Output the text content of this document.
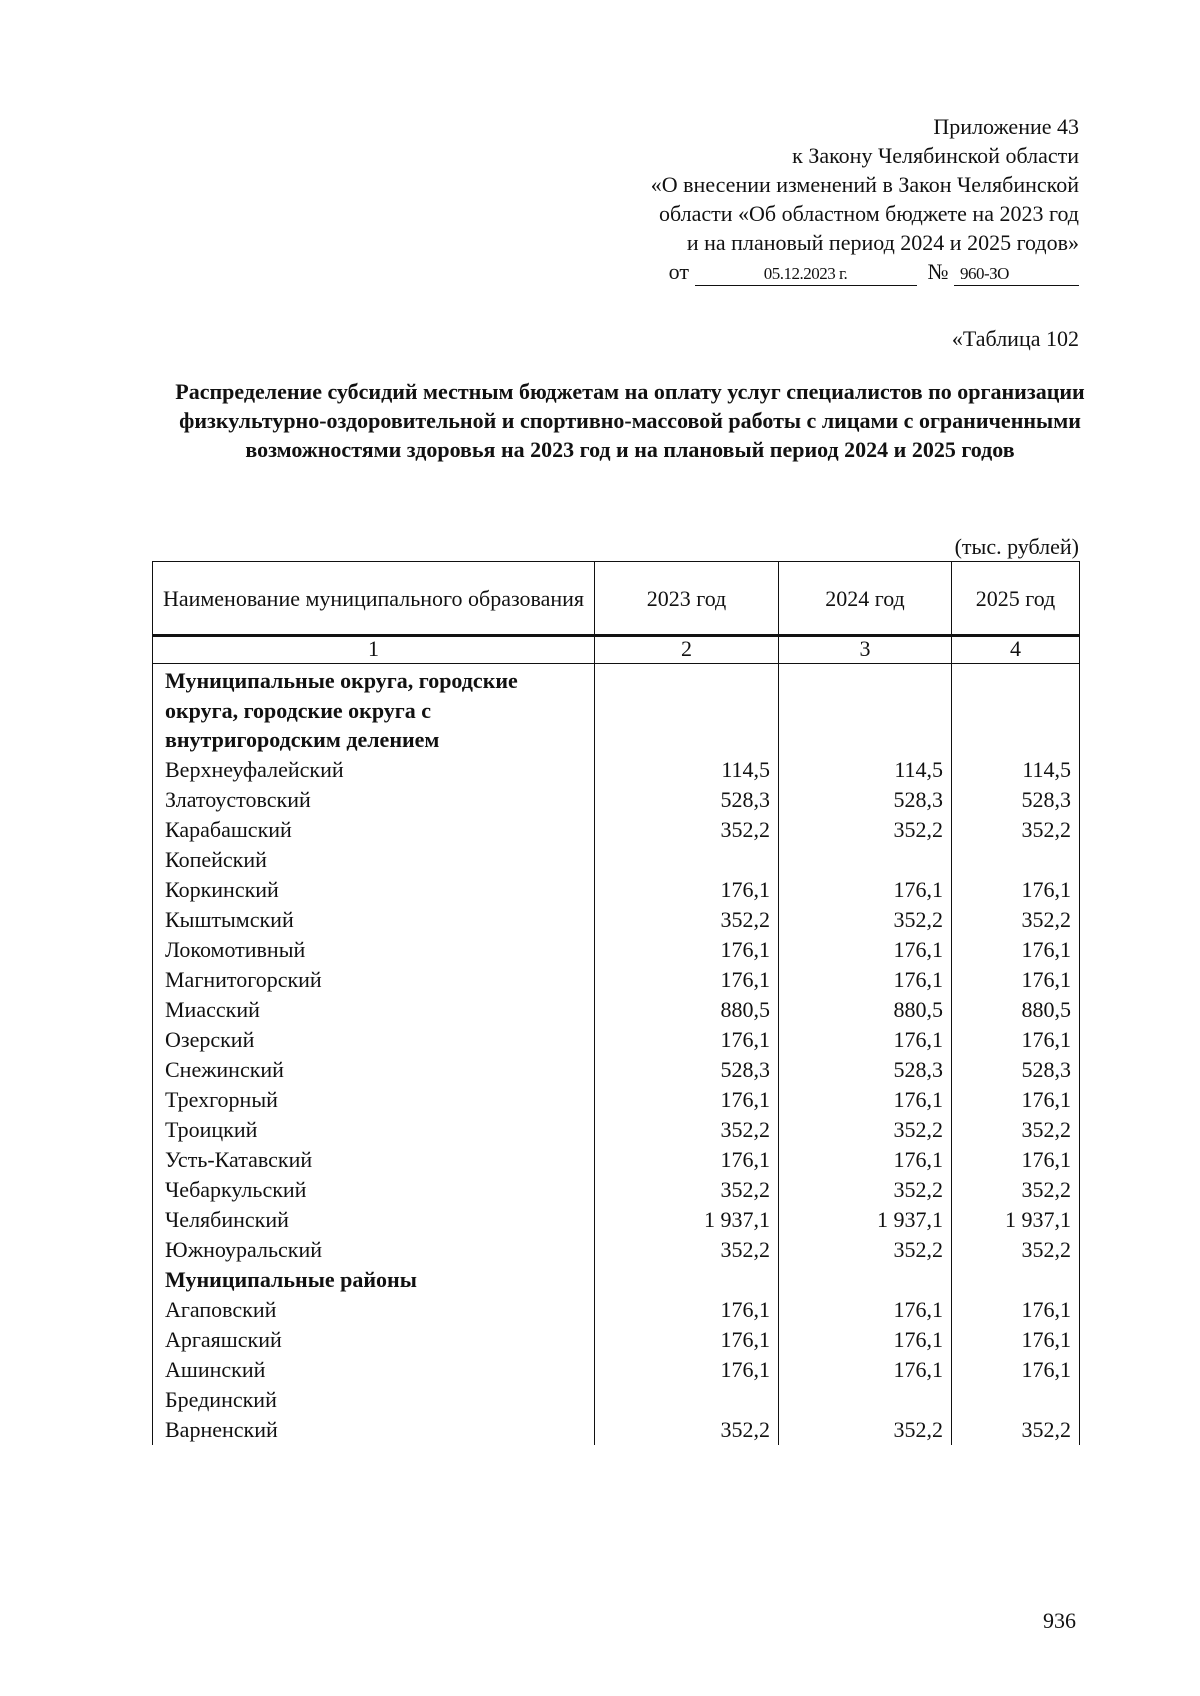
Приложение 43
к Закону Челябинской области
«О внесении изменений в Закон Челябинской
области «Об областном бюджете на 2023 год
и на плановый период 2024 и 2025 годов»
от	05.12.2023 г.	№ 960-ЗО
«Таблица 102
Распределение субсидий местным бюджетам на оплату услуг специалистов по организации физкультурно-оздоровительной и спортивно-массовой работы с лицами с ограниченными возможностями здоровья на 2023 год и на плановый период 2024 и 2025 годов
(тыс. рублей)
Наименование муниципального образования	2023 год	2024 год	2025 год
1	2	3	4
Муниципальные округа, городские округа, городские округа с внутригородским делением			
Верхнеуфалейский	114,5	114,5	114,5
Златоустовский	528,3	528,3	528,3
Карабашский	352,2	352,2	352,2
Копейский			
Коркинский	176,1	176,1	176,1
Кыштымский	352,2	352,2	352,2
Локомотивный	176,1	176,1	176,1
Магнитогорский	176,1	176,1	176,1
Миасский	880,5	880,5	880,5
Озерский	176,1	176,1	176,1
Снежинский	528,3	528,3	528,3
Трехгорный	176,1	176,1	176,1
Троицкий	352,2	352,2	352,2
Усть-Катавский	176,1	176,1	176,1
Чебаркульский	352,2	352,2	352,2
Челябинский	1 937,1	1 937,1	1 937,1
Южноуральский	352,2	352,2	352,2
Муниципальные районы			
Агаповский	176,1	176,1	176,1
Аргаяшский	176,1	176,1	176,1
Ашинский	176,1	176,1	176,1
Брединский			
Варненский	352,2	352,2	352,2
936
